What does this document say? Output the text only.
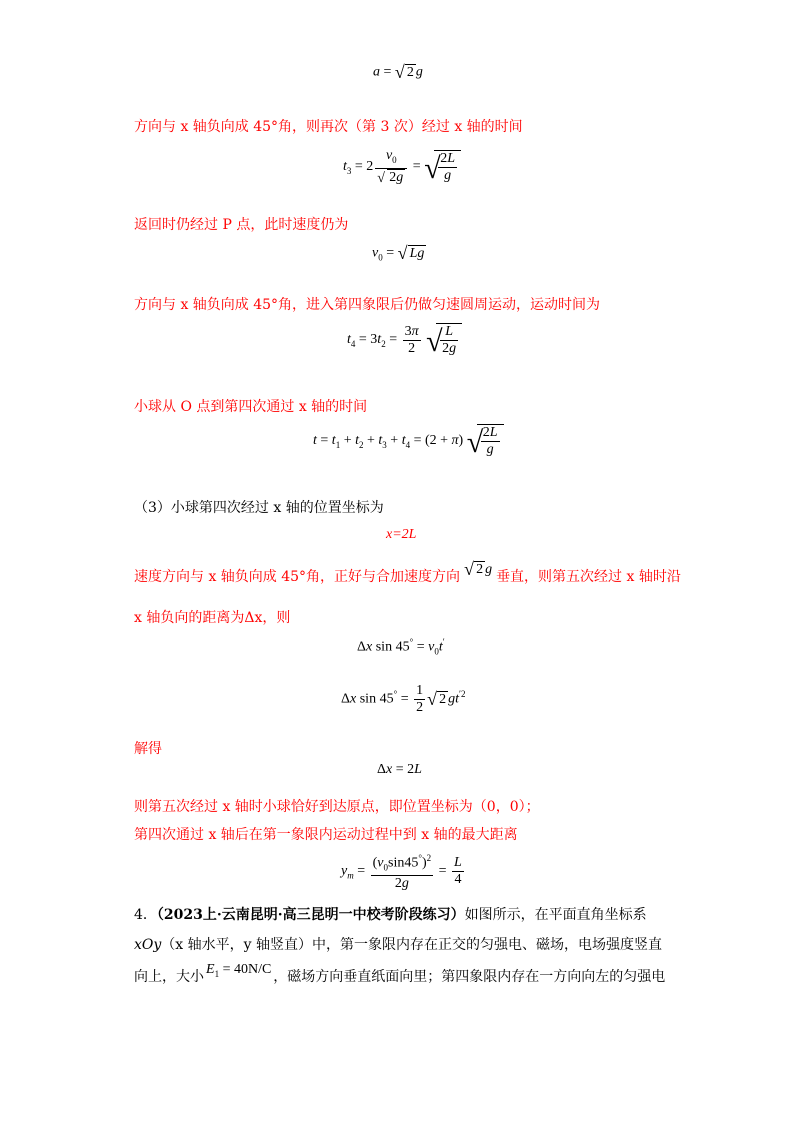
a = √ 2 g
方向与 x 轴负向成 45°角，则再次（第 3 次）经过 x 轴的时间
$t_3 = 2 \frac{v_0}{√ 2g}$ = √
$\frac{2L}{g}$
返回时仍经过 P 点，此时速度仍为
$v_0$ = √ Lg
方向与 x 轴负向成 45°角，进入第四象限后仍做匀速圆周运动，运动时间为
$t_4 = 3t_2 = \frac{3\pi}{2}$
√
$\frac{L}{2g}$
小球从 O 点到第四次通过 x 轴的时间
$t = t_1 + t_2 + t_3 + t_4 = (2 + \pi)$ √
$\frac{2L}{g}$
（3）小球第四次经过 x 轴的位置坐标为
x=2L
速度方向与 x 轴负向成 45°角，正好与合加速度方向 √ 2 g 垂直，则第五次经过 x 轴时沿
x 轴负向的距离为Δx，则
Δx $\sin 45^\circ = v_0t'$
Δx $\sin 45^\circ = \frac{1}{2}$ √ 2 $gt^{'2}$
解得
Δx = 2L
则第五次经过 x 轴时小球恰好到达原点，即位置坐标为（0，0）；
第四次通过 x 轴后在第一象限内运动过程中到 x 轴的最大距离
$y_m = \frac{(v_0\sin 45^\circ)^2}{2g} = \frac{L}{4}$
4．（2023上·云南昆明·高三昆明一中校考阶段练习）如图所示，在平面直角坐标系
xOy（x 轴水平，y 轴竖直）中，第一象限内存在正交的匀强电、磁场，电场强度竖直
向上，大小 $E_1 = 40N/C$ ，磁场方向垂直纸面向里；第四象限内存在一方向向左的匀强电
